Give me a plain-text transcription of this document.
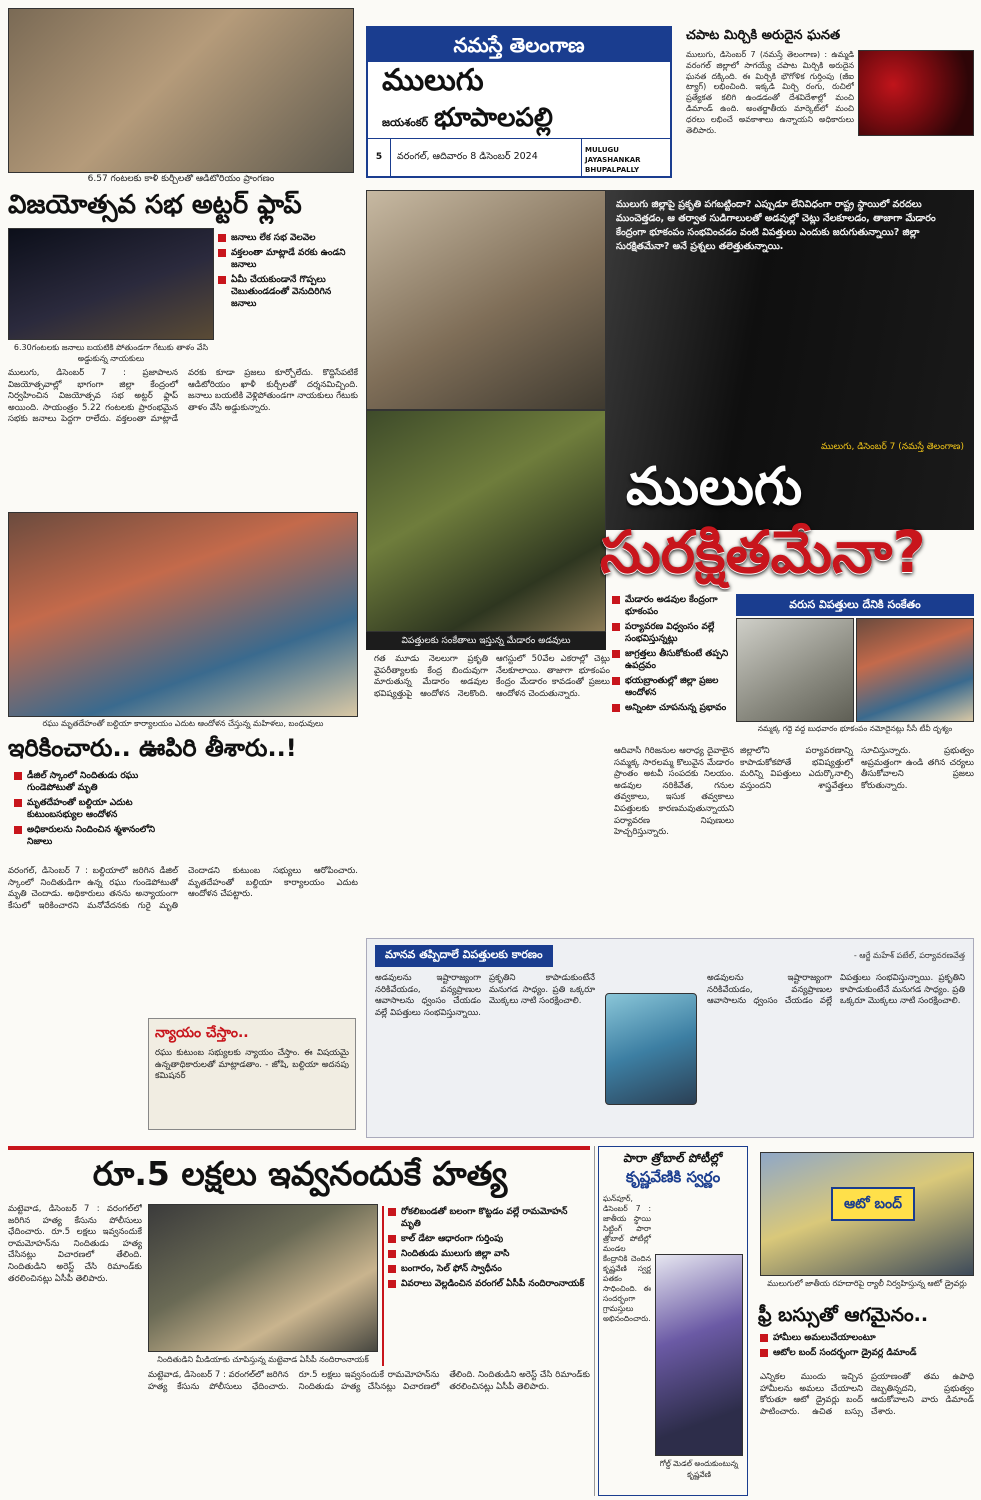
6.57 గంటలకు కాళీ కుర్చీలతో ఆడిటోరియం ప్రాంగణం
విజయోత్సవ సభ అట్టర్ ఫ్లాప్
జనాలు లేక సభ వెలవెల
వక్తలంతా మాట్లాడే వరకు ఉండని జనాలు
ఏమీ చేయకుండానే గొప్పలు చెబుతుండడంతో వెనుదిరిగిన జనాలు
6.30గంటలకు జనాలు బయటికి పోతుండగా గేటుకు తాళం వేసి అడ్డుకున్న నాయకులు
ములుగు, డిసెంబర్ 7 : ప్రజాపాలన విజయోత్సవాల్లో భాగంగా జిల్లా కేంద్రంలో నిర్వహించిన విజయోత్సవ సభ అట్టర్ ఫ్లాప్ అయింది. సాయంత్రం 5.22 గంటలకు ప్రారంభమైన సభకు జనాలు పెద్దగా రాలేదు. వక్తలంతా మాట్లాడే వరకు కూడా ప్రజలు కూర్చోలేదు. కొద్దిసేపటికే ఆడిటోరియం ఖాళీ కుర్చీలతో దర్శనమిచ్చింది. జనాలు బయటికి వెళ్లిపోతుండగా నాయకులు గేటుకు తాళం వేసి అడ్డుకున్నారు.
రఘు మృతదేహంతో బల్దియా కార్యాలయం ఎదుట ఆందోళన చేస్తున్న మహిళలు, బంధువులు
ఇరికించారు.. ఊపిరి తీశారు..!
డీజిల్ స్కాంలో నిందితుడు రఘు గుండెపోటుతో మృతి
మృతదేహంతో బల్దియా ఎదుట కుటుంబసభ్యుల ఆందోళన
అధికారులను నిందించిన శ్మశానంలోని నిజాలు
వరంగల్, డిసెంబర్ 7 : బల్దియాలో జరిగిన డీజిల్ స్కాంలో నిందితుడిగా ఉన్న రఘు గుండెపోటుతో మృతి చెందాడు. అధికారులు తనను అన్యాయంగా కేసులో ఇరికించారని మనోవేదనకు గురై మృతి చెందాడని కుటుంబ సభ్యులు ఆరోపించారు. మృతదేహంతో బల్దియా కార్యాలయం ఎదుట ఆందోళన చేపట్టారు.
న్యాయం చేస్తాం..
రఘు కుటుంబ సభ్యులకు న్యాయం చేస్తాం. ఈ విషయమై ఉన్నతాధికారులతో మాట్లాడతాం. - జోషి, బల్దియా అదనపు కమిషనర్
నమస్తే తెలంగాణ
ములుగు
జయశంకర్ భూపాలపల్లి
5	వరంగల్, ఆదివారం 8 డిసెంబర్ 2024
MULUGU
JAYASHANKAR BHUPALPALLY
చపాట మిర్చికి అరుదైన ఘనత
ములుగు, డిసెంబర్ 7 (నమస్తే తెలంగాణ) : ఉమ్మడి వరంగల్ జిల్లాలో సాగయ్యే చపాట మిర్చికి అరుదైన ఘనత దక్కింది. ఈ మిర్చికి భౌగోళిక గుర్తింపు (జీఐ ట్యాగ్) లభించింది. ఇక్కడి మిర్చి రంగు, రుచిలో ప్రత్యేకత కలిగి ఉండడంతో దేశవిదేశాల్లో మంచి డిమాండ్ ఉంది. అంతర్జాతీయ మార్కెట్‌లో మంచి ధరలు లభించే అవకాశాలు ఉన్నాయని అధికారులు తెలిపారు.
ములుగు జిల్లాపై ప్రకృతి పగబట్టిందా? ఎప్పుడూ లేనివిధంగా రాష్ట్ర స్థాయిలో వరదలు ముంచెత్తడం, ఆ తర్వాత సుడిగాలులతో అడవుల్లో చెట్లు నేలకూలడం, తాజాగా మేడారం కేంద్రంగా భూకంపం సంభవించడం వంటి విపత్తులు ఎందుకు జరుగుతున్నాయి? జిల్లా సురక్షితమేనా? అనే ప్రశ్నలు తలెత్తుతున్నాయి.
ములుగు, డిసెంబర్ 7 (నమస్తే తెలంగాణ)
ములుగు
సురక్షితమేనా?
విపత్తులకు సంకేతాలు ఇస్తున్న మేడారం అడవులు
మేడారం అడవుల కేంద్రంగా భూకంపం
పర్యావరణ విధ్వంసం వల్లే సంభవిస్తున్నట్లు
జాగ్రత్తలు తీసుకోకుంటే తప్పని ఉపద్రవం
భయబ్రాంతుల్లో జిల్లా ప్రజల ఆందోళన
అన్నింటా చూపనున్న ప్రభావం
వరుస విపత్తులు దేనికి సంకేతం
నమ్మక్క గద్దె వద్ద బుధవారం భూకంపం నమోదైనట్లు సీసీ టీవీ దృశ్యం
గత మూడు నెలలుగా ప్రకృతి వైపరీత్యాలకు కేంద్ర బిందువుగా మారుతున్న మేడారం అడవుల భవిష్యత్తుపై ఆందోళన నెలకొంది. ఆగస్టులో 50వేల ఎకరాల్లో చెట్లు నేలకూలాయి. తాజాగా భూకంపం కేంద్రం మేడారం కావడంతో ప్రజలు ఆందోళన చెందుతున్నారు.
ఆదివాసీ గిరిజనుల ఆరాధ్య దైవాలైన సమ్మక్క సారలమ్మ కొలువైన మేడారం ప్రాంతం అటవీ సంపదకు నిలయం. అడవుల నరికివేత, గనుల తవ్వకాలు, ఇసుక తవ్వకాలు విపత్తులకు కారణమవుతున్నాయని పర్యావరణ నిపుణులు హెచ్చరిస్తున్నారు.
జిల్లాలోని పర్యావరణాన్ని కాపాడుకోకపోతే భవిష్యత్తులో మరిన్ని విపత్తులు ఎదుర్కొనాల్సి వస్తుందని శాస్త్రవేత్తలు సూచిస్తున్నారు. ప్రభుత్వం అప్రమత్తంగా ఉండి తగిన చర్యలు తీసుకోవాలని ప్రజలు కోరుతున్నారు.
మానవ తప్పిదాలే విపత్తులకు కారణం	- ఆర్జే మహేశ్ పటేల్, పర్యావరణవేత్త
అడవులను ఇష్టారాజ్యంగా నరికివేయడం, వన్యప్రాణుల ఆవాసాలను ధ్వంసం చేయడం వల్లే విపత్తులు సంభవిస్తున్నాయి. ప్రకృతిని కాపాడుకుంటేనే మనుగడ సాధ్యం. ప్రతి ఒక్కరూ మొక్కలు నాటి సంరక్షించాలి.
అడవులను ఇష్టారాజ్యంగా నరికివేయడం, వన్యప్రాణుల ఆవాసాలను ధ్వంసం చేయడం వల్లే విపత్తులు సంభవిస్తున్నాయి. ప్రకృతిని కాపాడుకుంటేనే మనుగడ సాధ్యం. ప్రతి ఒక్కరూ మొక్కలు నాటి సంరక్షించాలి.
రూ.5 లక్షలు ఇవ్వనందుకే హత్య
మట్టెవాడ, డిసెంబర్ 7 : వరంగల్‌లో జరిగిన హత్య కేసును పోలీసులు ఛేదించారు. రూ.5 లక్షలు ఇవ్వనందుకే రామమోహన్‌ను నిందితుడు హత్య చేసినట్లు విచారణలో తేలింది. నిందితుడిని అరెస్ట్ చేసి రిమాండ్‌కు తరలించినట్లు ఏసీపీ తెలిపారు.
నిందితుడిని మీడియాకు చూపిస్తున్న మట్టెవాడ ఏసీపీ నందిరాంనాయక్
రోకలిబండతో బలంగా కొట్టడం వల్లే రామమోహన్ మృతి
కాల్ డేటా ఆధారంగా గుర్తింపు
నిందితుడు ములుగు జిల్లా వాసి
బంగారం, సెల్ ఫోన్ స్వాధీనం
వివరాలు వెల్లడించిన వరంగల్ ఏసీపీ నందిరాంనాయక్
మట్టెవాడ, డిసెంబర్ 7 : వరంగల్‌లో జరిగిన హత్య కేసును పోలీసులు ఛేదించారు. రూ.5 లక్షలు ఇవ్వనందుకే రామమోహన్‌ను నిందితుడు హత్య చేసినట్లు విచారణలో తేలింది. నిందితుడిని అరెస్ట్ చేసి రిమాండ్‌కు తరలించినట్లు ఏసీపీ తెలిపారు.
పారా త్రోబాల్ పోటీల్లో
కృష్ణవేణికి స్వర్ణం
ఘన్‌పూర్, డిసెంబర్ 7 : జాతీయ స్థాయి సిట్టింగ్ పారా త్రోబాల్ పోటీల్లో మండల కేంద్రానికి చెందిన కృష్ణవేణి స్వర్ణ పతకం సాధించింది. ఈ సందర్భంగా గ్రామస్తులు అభినందించారు.
గోల్డ్ మెడల్ అందుకుంటున్న కృష్ణవేణి
ఆటో బంద్
ములుగులో జాతీయ రహదారిపై ర్యాలీ నిర్వహిస్తున్న ఆటో డ్రైవర్లు
ఫ్రీ బస్సుతో ఆగమైనం..
హామీలు అమలుచేయాలంటూ
ఆటోల బంద్ సందర్భంగా డ్రైవర్ల డిమాండ్
ఎన్నికల ముందు ఇచ్చిన హామీలను అమలు చేయాలని కోరుతూ ఆటో డ్రైవర్లు బంద్ పాటించారు. ఉచిత బస్సు ప్రయాణంతో తమ ఉపాధి దెబ్బతిన్నదని, ప్రభుత్వం ఆదుకోవాలని వారు డిమాండ్ చేశారు.
